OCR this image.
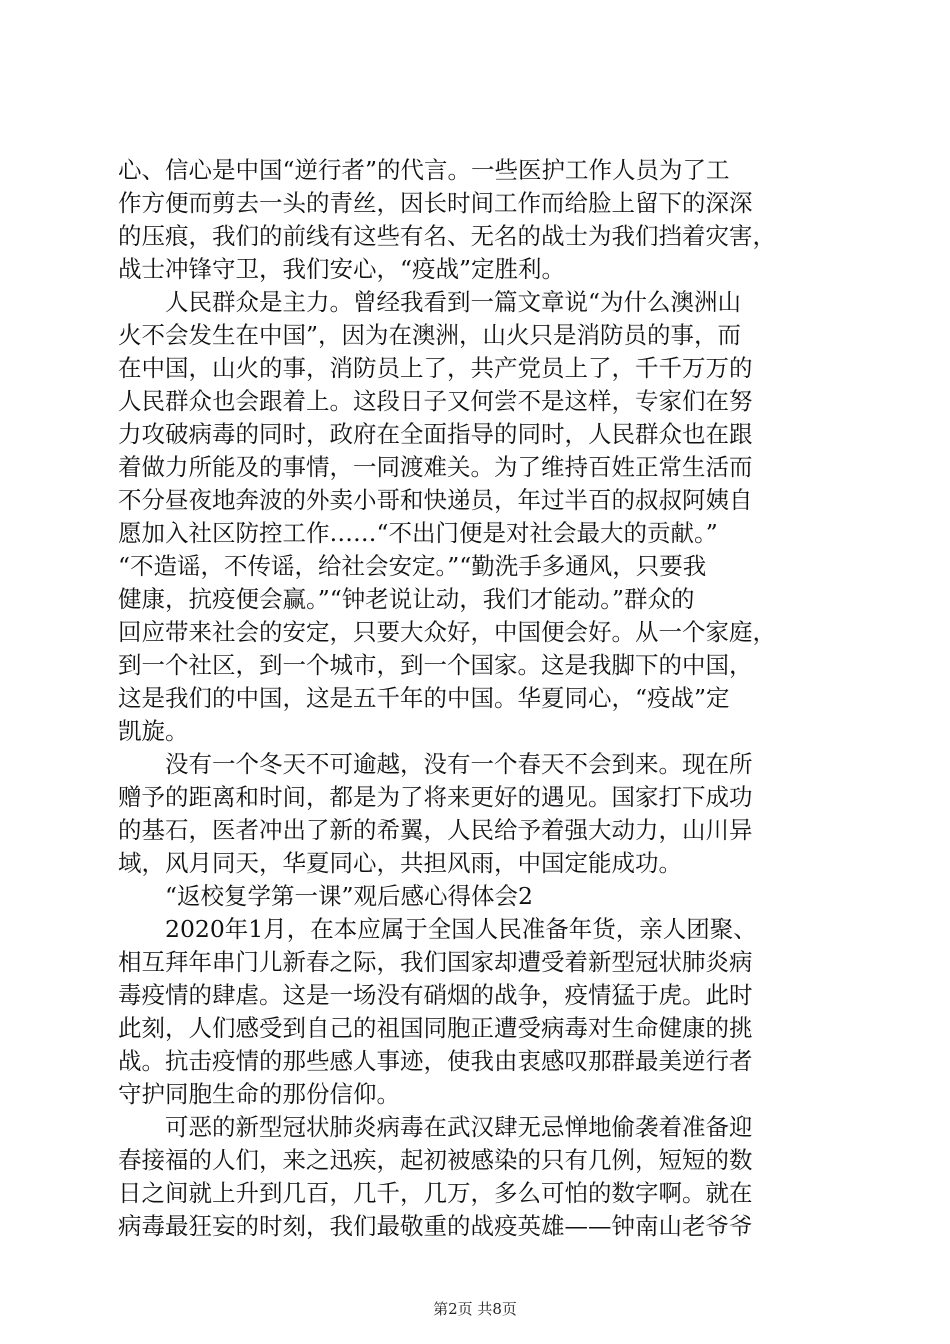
心、信心是中国“逆行者”的代言。一些医护工作人员为了工
作方便而剪去一头的青丝，因长时间工作而给脸上留下的深深
的压痕，我们的前线有这些有名、无名的战士为我们挡着灾害，
战士冲锋守卫，我们安心，“疫战”定胜利。
　　人民群众是主力。曾经我看到一篇文章说“为什么澳洲山
火不会发生在中国”，因为在澳洲，山火只是消防员的事，而
在中国，山火的事，消防员上了，共产党员上了，千千万万的
人民群众也会跟着上。这段日子又何尝不是这样，专家们在努
力攻破病毒的同时，政府在全面指导的同时，人民群众也在跟
着做力所能及的事情，一同渡难关。为了维持百姓正常生活而
不分昼夜地奔波的外卖小哥和快递员，年过半百的叔叔阿姨自
愿加入社区防控工作……“不出门便是对社会最大的贡献。”
“不造谣，不传谣，给社会安定。”“勤洗手多通风，只要我
健康，抗疫便会赢。”“钟老说让动，我们才能动。”群众的
回应带来社会的安定，只要大众好，中国便会好。从一个家庭，
到一个社区，到一个城市，到一个国家。这是我脚下的中国，
这是我们的中国，这是五千年的中国。华夏同心，“疫战”定
凯旋。
　　没有一个冬天不可逾越，没有一个春天不会到来。现在所
赠予的距离和时间，都是为了将来更好的遇见。国家打下成功
的基石，医者冲出了新的希翼，人民给予着强大动力，山川异
域，风月同天，华夏同心，共担风雨，中国定能成功。
　　“返校复学第一课”观后感心得体会2
　　2020年1月，在本应属于全国人民准备年货，亲人团聚、
相互拜年串门儿新春之际，我们国家却遭受着新型冠状肺炎病
毒疫情的肆虐。这是一场没有硝烟的战争，疫情猛于虎。此时
此刻，人们感受到自己的祖国同胞正遭受病毒对生命健康的挑
战。抗击疫情的那些感人事迹，使我由衷感叹那群最美逆行者
守护同胞生命的那份信仰。
　　可恶的新型冠状肺炎病毒在武汉肆无忌惮地偷袭着准备迎
春接福的人们，来之迅疾，起初被感染的只有几例，短短的数
日之间就上升到几百，几千，几万，多么可怕的数字啊。就在
病毒最狂妄的时刻，我们最敬重的战疫英雄——钟南山老爷爷
第2页 共8页
